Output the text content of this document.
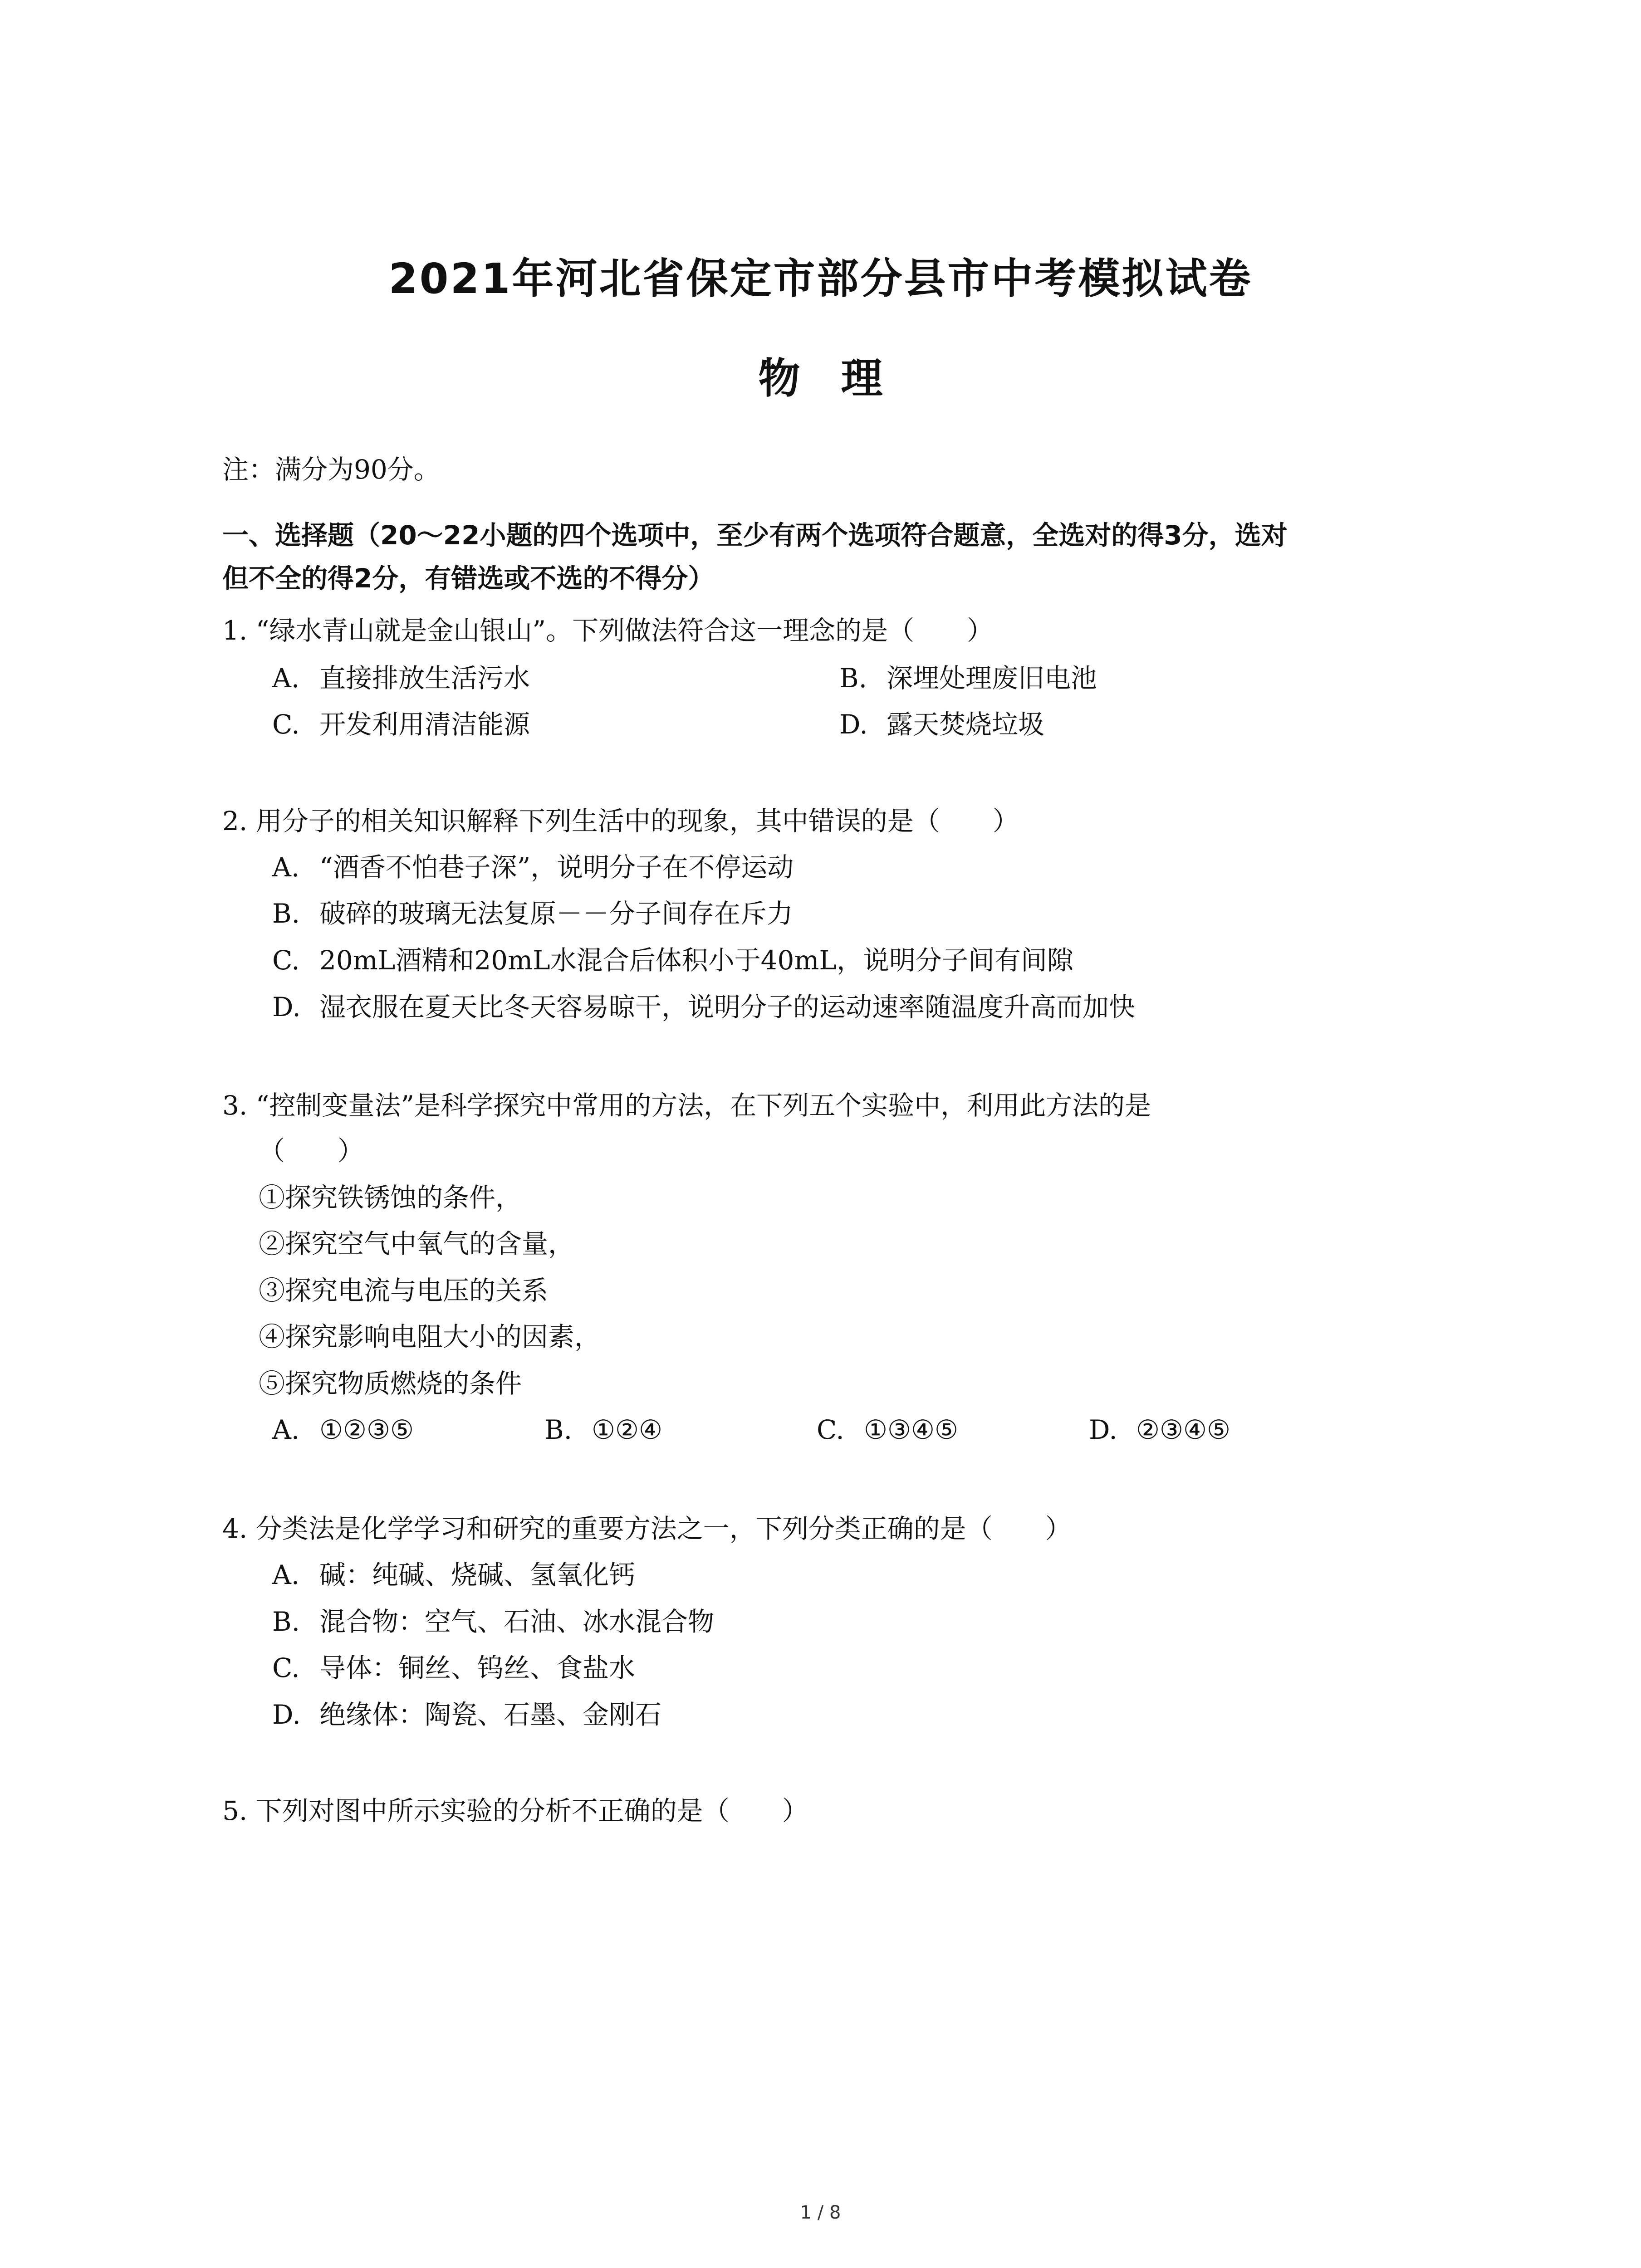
2021年河北省保定市部分县市中考模拟试卷
物理
注：满分为90分。
一、选择题（20～22小题的四个选项中，至少有两个选项符合题意，全选对的得3分，选对
但不全的得2分，有错选或不选的不得分）
1. “绿水青山就是金山银山”。下列做法符合这一理念的是（　　）
A. 直接排放生活污水	B. 深埋处理废旧电池
C. 开发利用清洁能源	D. 露天焚烧垃圾
2. 用分子的相关知识解释下列生活中的现象，其中错误的是（　　）
A. “酒香不怕巷子深”，说明分子在不停运动
B. 破碎的玻璃无法复原－－分子间存在斥力
C. 20mL酒精和20mL水混合后体积小于40mL，说明分子间有间隙
D. 湿衣服在夏天比冬天容易晾干，说明分子的运动速率随温度升高而加快
3. “控制变量法”是科学探究中常用的方法，在下列五个实验中，利用此方法的是
（　　）
①探究铁锈蚀的条件，
②探究空气中氧气的含量，
③探究电流与电压的关系
④探究影响电阻大小的因素，
⑤探究物质燃烧的条件
A. ①②③⑤	B. ①②④	C. ①③④⑤	D. ②③④⑤
4. 分类法是化学学习和研究的重要方法之一，下列分类正确的是（　　）
A. 碱：纯碱、烧碱、氢氧化钙
B. 混合物：空气、石油、冰水混合物
C. 导体：铜丝、钨丝、食盐水
D. 绝缘体：陶瓷、石墨、金刚石
5. 下列对图中所示实验的分析不正确的是（　　）
1 / 8
